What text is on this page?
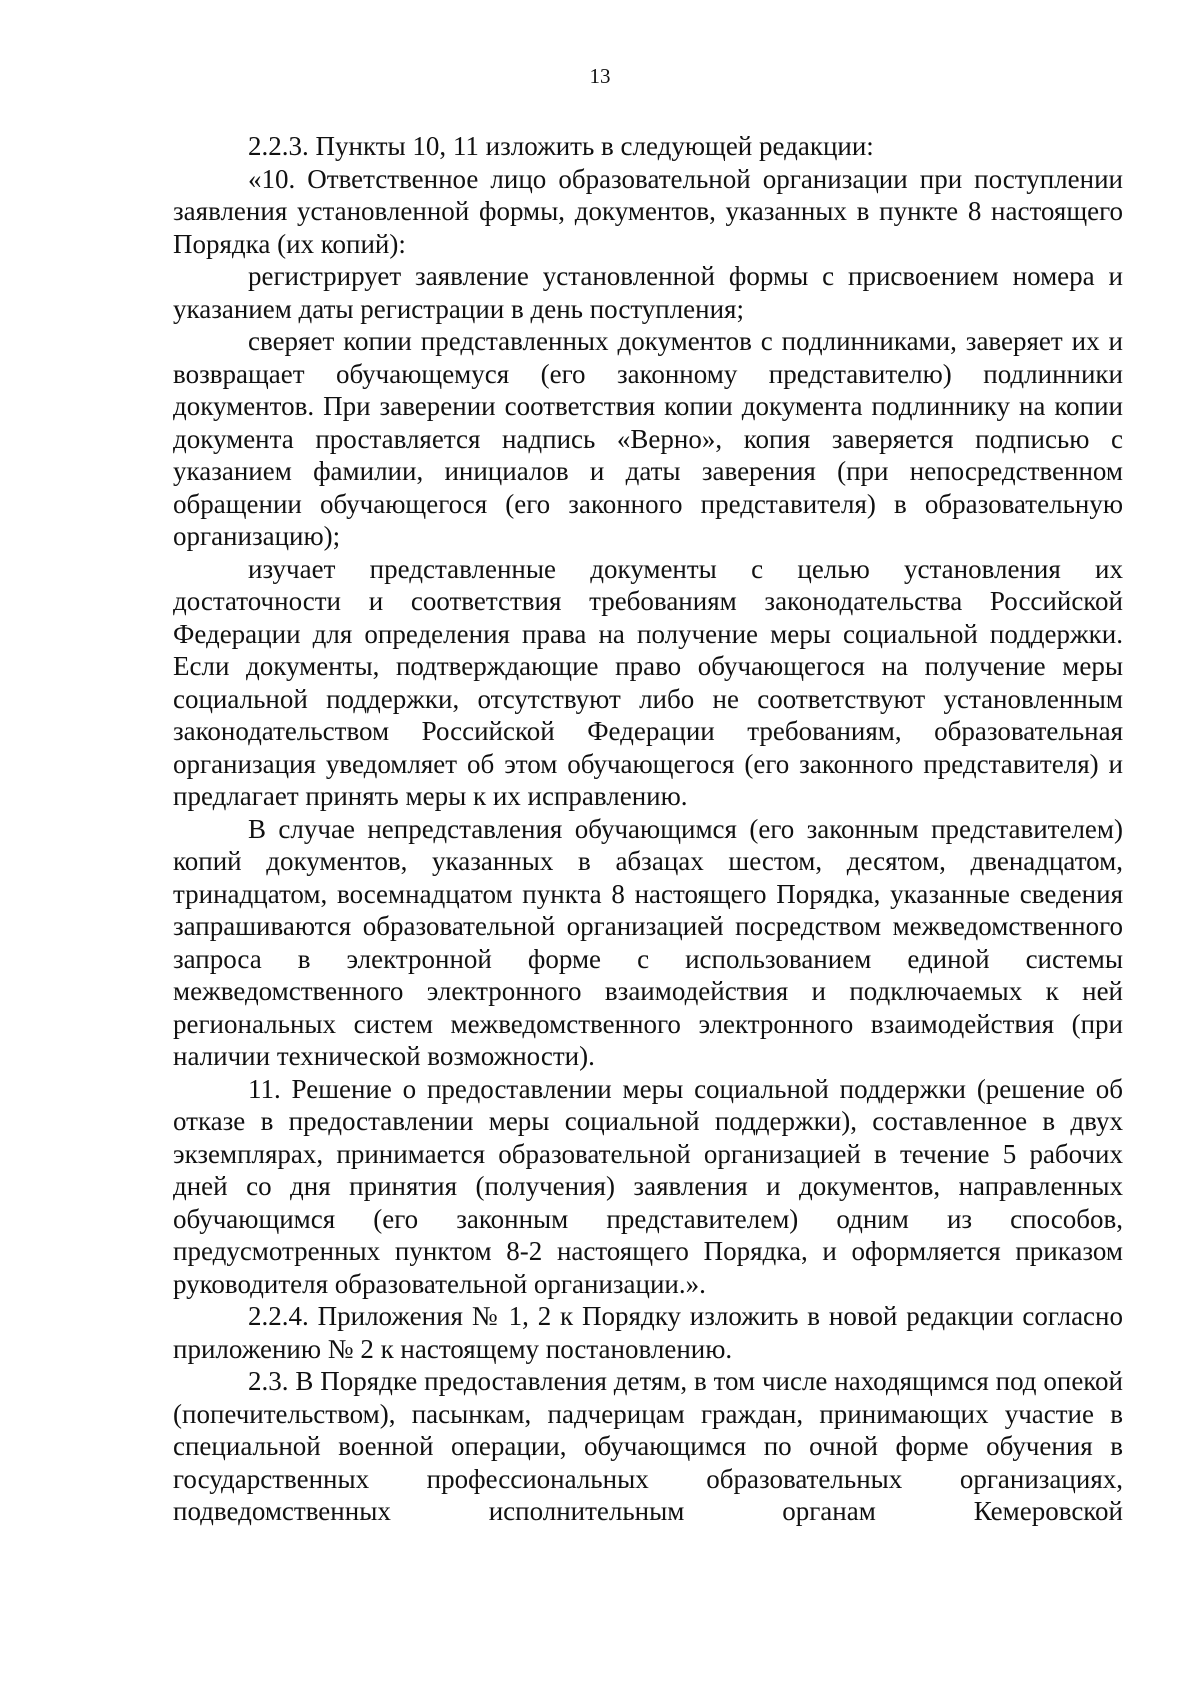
13

2.2.3. Пункты 10, 11 изложить в следующей редакции:

«10. Ответственное лицо образовательной организации при поступлении заявления установленной формы, документов, указанных в пункте 8 настоящего Порядка (их копий):

регистрирует заявление установленной формы с присвоением номера и указанием даты регистрации в день поступления;

сверяет копии представленных документов с подлинниками, заверяет их и возвращает обучающемуся (его законному представителю) подлинники документов. При заверении соответствия копии документа подлиннику на копии документа проставляется надпись «Верно», копия заверяется подписью с указанием фамилии, инициалов и даты заверения (при непосредственном обращении обучающегося (его законного представителя) в образовательную организацию);

изучает представленные документы с целью установления их достаточности и соответствия требованиям законодательства Российской Федерации для определения права на получение меры социальной поддержки. Если документы, подтверждающие право обучающегося на получение меры социальной поддержки, отсутствуют либо не соответствуют установленным законодательством Российской Федерации требованиям, образовательная организация уведомляет об этом обучающегося (его законного представителя) и предлагает принять меры к их исправлению.

В случае непредставления обучающимся (его законным представителем) копий документов, указанных в абзацах шестом, десятом, двенадцатом, тринадцатом, восемнадцатом пункта 8 настоящего Порядка, указанные сведения запрашиваются образовательной организацией посредством межведомственного запроса в электронной форме с использованием единой системы межведомственного электронного взаимодействия и подключаемых к ней региональных систем межведомственного электронного взаимодействия (при наличии технической возможности).

11. Решение о предоставлении меры социальной поддержки (решение об отказе в предоставлении меры социальной поддержки), составленное в двух экземплярах, принимается образовательной организацией в течение 5 рабочих дней со дня принятия (получения) заявления и документов, направленных обучающимся (его законным представителем) одним из способов, предусмотренных пунктом 8-2 настоящего Порядка, и оформляется приказом руководителя образовательной организации.».

2.2.4. Приложения № 1, 2 к Порядку изложить в новой редакции согласно приложению № 2 к настоящему постановлению.

2.3. В Порядке предоставления детям, в том числе находящимся под опекой (попечительством), пасынкам, падчерицам граждан, принимающих участие в специальной военной операции, обучающимся по очной форме обучения в государственных профессиональных образовательных организациях, подведомственных исполнительным органам Кемеровской
